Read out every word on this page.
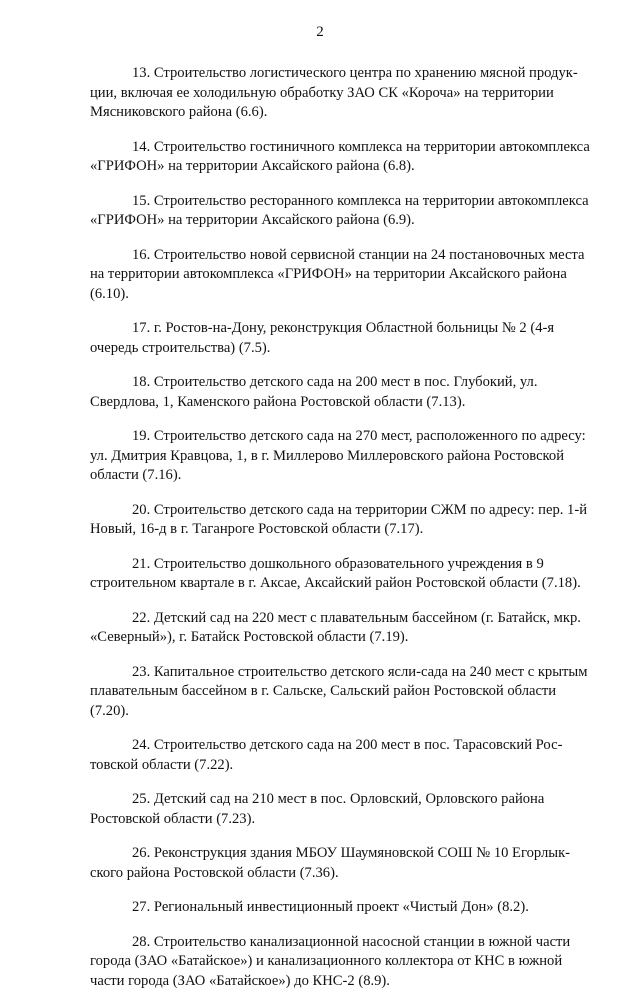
2

13. Строительство логистического центра по хранению мясной продукции, включая ее холодильную обработку ЗАО СК «Короча» на территории Мясниковского района (6.6).

14. Строительство гостиничного комплекса на территории автокомплекса «ГРИФОН» на территории Аксайского района (6.8).

15. Строительство ресторанного комплекса на территории автокомплекса «ГРИФОН» на территории Аксайского района (6.9).

16. Строительство новой сервисной станции на 24 постановочных места на территории автокомплекса «ГРИФОН» на территории Аксайского района (6.10).

17. г. Ростов-на-Дону, реконструкция Областной больницы № 2 (4-я очередь строительства) (7.5).

18. Строительство детского сада на 200 мест в пос. Глубокий, ул. Свердлова, 1, Каменского района Ростовской области (7.13).

19. Строительство детского сада на 270 мест, расположенного по адресу: ул. Дмитрия Кравцова, 1, в г. Миллерово Миллеровского района Ростовской области (7.16).

20. Строительство детского сада на территории СЖМ по адресу: пер. 1-й Новый, 16-д в г. Таганроге Ростовской области (7.17).

21. Строительство дошкольного образовательного учреждения в 9 строительном квартале в г. Аксае, Аксайский район Ростовской области (7.18).

22. Детский сад на 220 мест с плавательным бассейном (г. Батайск, мкр. «Северный»), г. Батайск Ростовской области (7.19).

23. Капитальное строительство детского ясли-сада на 240 мест с крытым плавательным бассейном в г. Сальске, Сальский район Ростовской области (7.20).

24. Строительство детского сада на 200 мест в пос. Тарасовский Ростовской области (7.22).

25. Детский сад на 210 мест в пос. Орловский, Орловского района Ростовской области (7.23).

26. Реконструкция здания МБОУ Шаумяновской СОШ № 10 Егорлыкского района Ростовской области (7.36).

27. Региональный инвестиционный проект «Чистый Дон» (8.2).

28. Строительство канализационной насосной станции в южной части города (ЗАО «Батайское») и канализационного коллектора от КНС в южной части города (ЗАО «Батайское») до КНС-2 (8.9).
